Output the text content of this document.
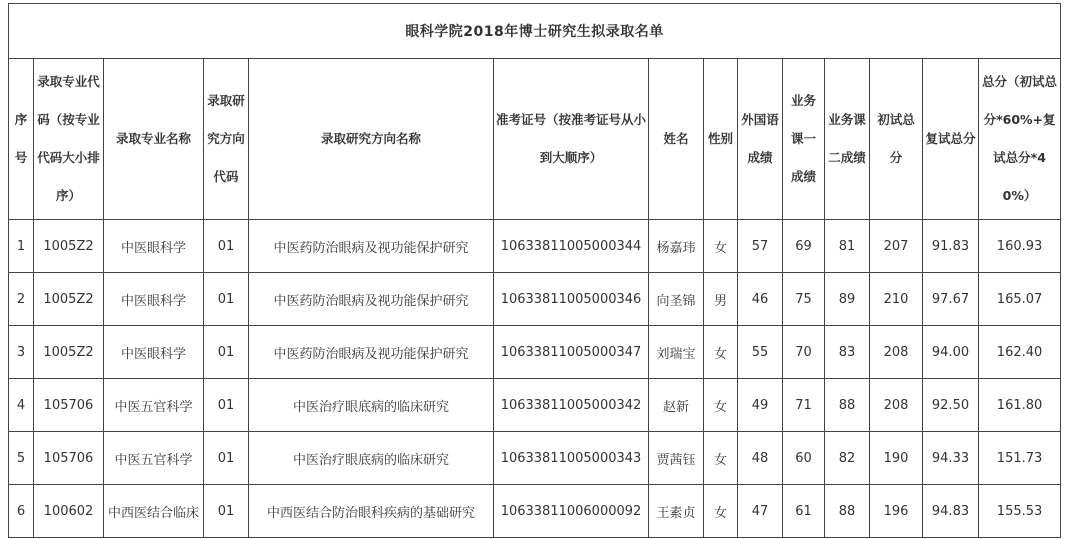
眼科学院2018年博士研究生拟录取名单													
序号	录取专业代码（按专业代码大小排序）	录取专业名称	录取研究方向代码	录取研究方向名称	准考证号（按准考证号从小到大顺序）	姓名	性别	外国语成绩	业务课一成绩	业务课二成绩	初试总分	复试总分	总分（初试总分*60%+复试总分*40%）
1	1005Z2	中医眼科学	01	中医药防治眼病及视功能保护研究	10633811005000344	杨嘉玮	女	57	69	81	207	91.83	160.93
2	1005Z2	中医眼科学	01	中医药防治眼病及视功能保护研究	10633811005000346	向圣锦	男	46	75	89	210	97.67	165.07
3	1005Z2	中医眼科学	01	中医药防治眼病及视功能保护研究	10633811005000347	刘瑞宝	女	55	70	83	208	94.00	162.40
4	105706	中医五官科学	01	中医治疗眼底病的临床研究	10633811005000342	赵新	女	49	71	88	208	92.50	161.80
5	105706	中医五官科学	01	中医治疗眼底病的临床研究	10633811005000343	贾茜钰	女	48	60	82	190	94.33	151.73
6	100602	中西医结合临床	01	中西医结合防治眼科疾病的基础研究	10633811006000092	王素贞	女	47	61	88	196	94.83	155.53
